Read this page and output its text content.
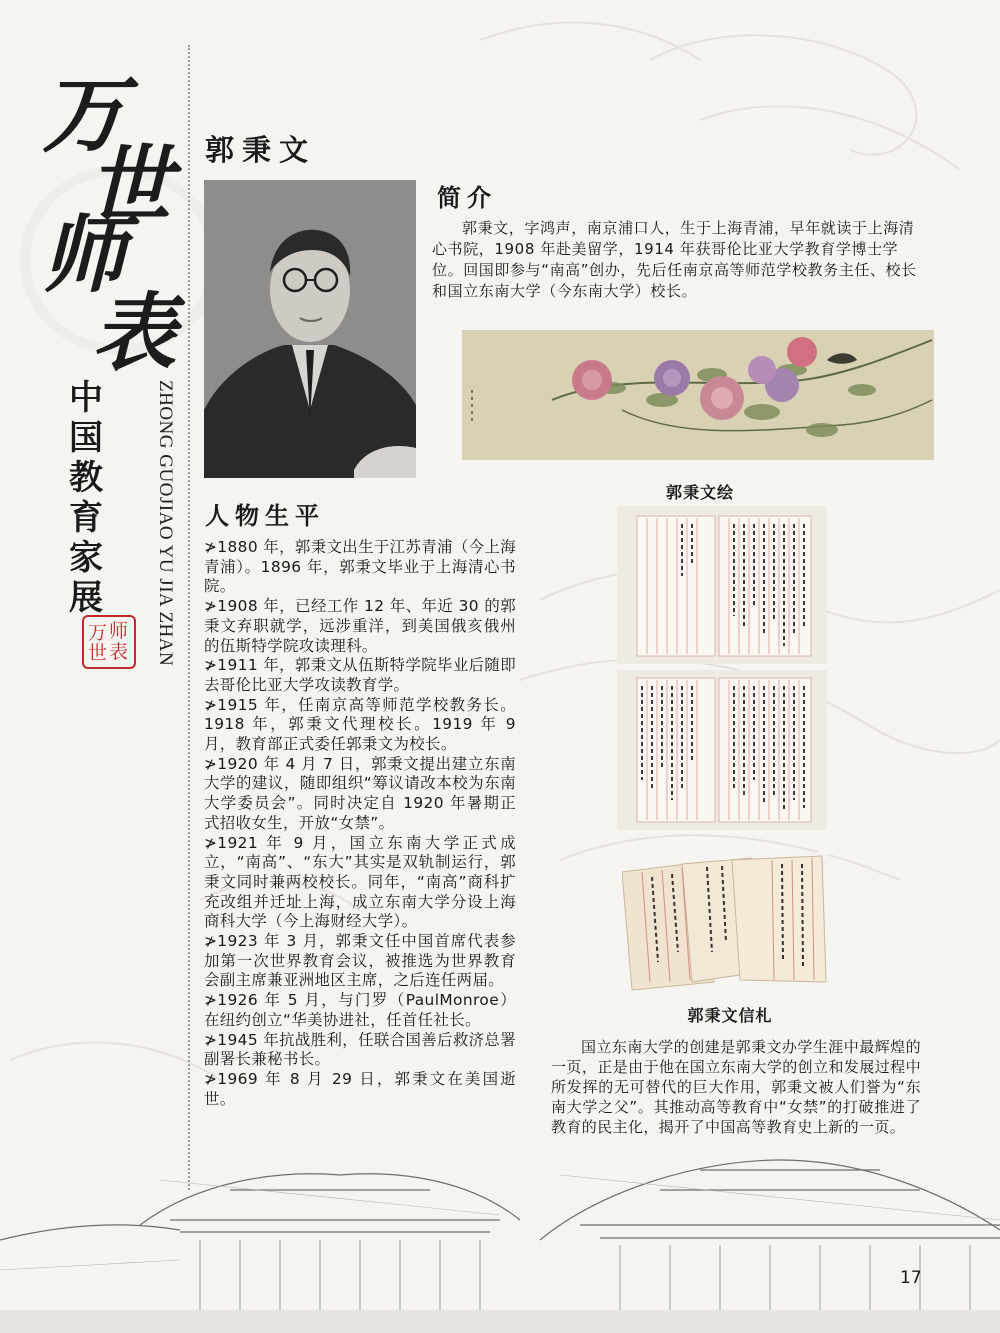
万
世
师
表
中
国
教
育
家
展	ZHONG GUOJIAO YU JIA ZHAN
万 师
世 表
郭秉文
简介
郭秉文，字鸿声，南京浦口人，生于上海青浦，早年就读于上海清心书院，1908 年赴美留学，1914 年获哥伦比亚大学教育学博士学位。回国即参与“南高”创办，先后任南京高等师范学校教务主任、校长和国立东南大学（今东南大学）校长。
郭秉文绘
人物生平

≯1880 年，郭秉文出生于江苏青浦（今上海青浦）。1896 年，郭秉文毕业于上海清心书院。

≯1908 年，已经工作 12 年、年近 30 的郭秉文弃职就学，远涉重洋，到美国俄亥俄州的伍斯特学院攻读理科。

≯1911 年，郭秉文从伍斯特学院毕业后随即去哥伦比亚大学攻读教育学。

≯1915 年，任南京高等师范学校教务长。1918 年，郭秉文代理校长。1919 年 9 月，教育部正式委任郭秉文为校长。

≯1920 年 4 月 7 日，郭秉文提出建立东南大学的建议，随即组织“筹议请改本校为东南大学委员会”。同时决定自 1920 年暑期正式招收女生，开放“女禁”。

≯1921 年 9 月，国立东南大学正式成立，“南高”、“东大”其实是双轨制运行，郭秉文同时兼两校校长。同年，“南高”商科扩充改组并迁址上海，成立东南大学分设上海商科大学（今上海财经大学）。

≯1923 年 3 月，郭秉文任中国首席代表参加第一次世界教育会议，被推选为世界教育会副主席兼亚洲地区主席，之后连任两届。

≯1926 年 5 月，与门罗（PaulMonroe）在纽约创立“华美协进社，任首任社长。

≯1945 年抗战胜利，任联合国善后救济总署副署长兼秘书长。

≯1969 年 8 月 29 日，郭秉文在美国逝世。

郭秉文信札
国立东南大学的创建是郭秉文办学生涯中最辉煌的一页，正是由于他在国立东南大学的创立和发展过程中所发挥的无可替代的巨大作用，郭秉文被人们誉为“东南大学之父”。其推动高等教育中“女禁”的打破推进了教育的民主化，揭开了中国高等教育史上新的一页。
17
